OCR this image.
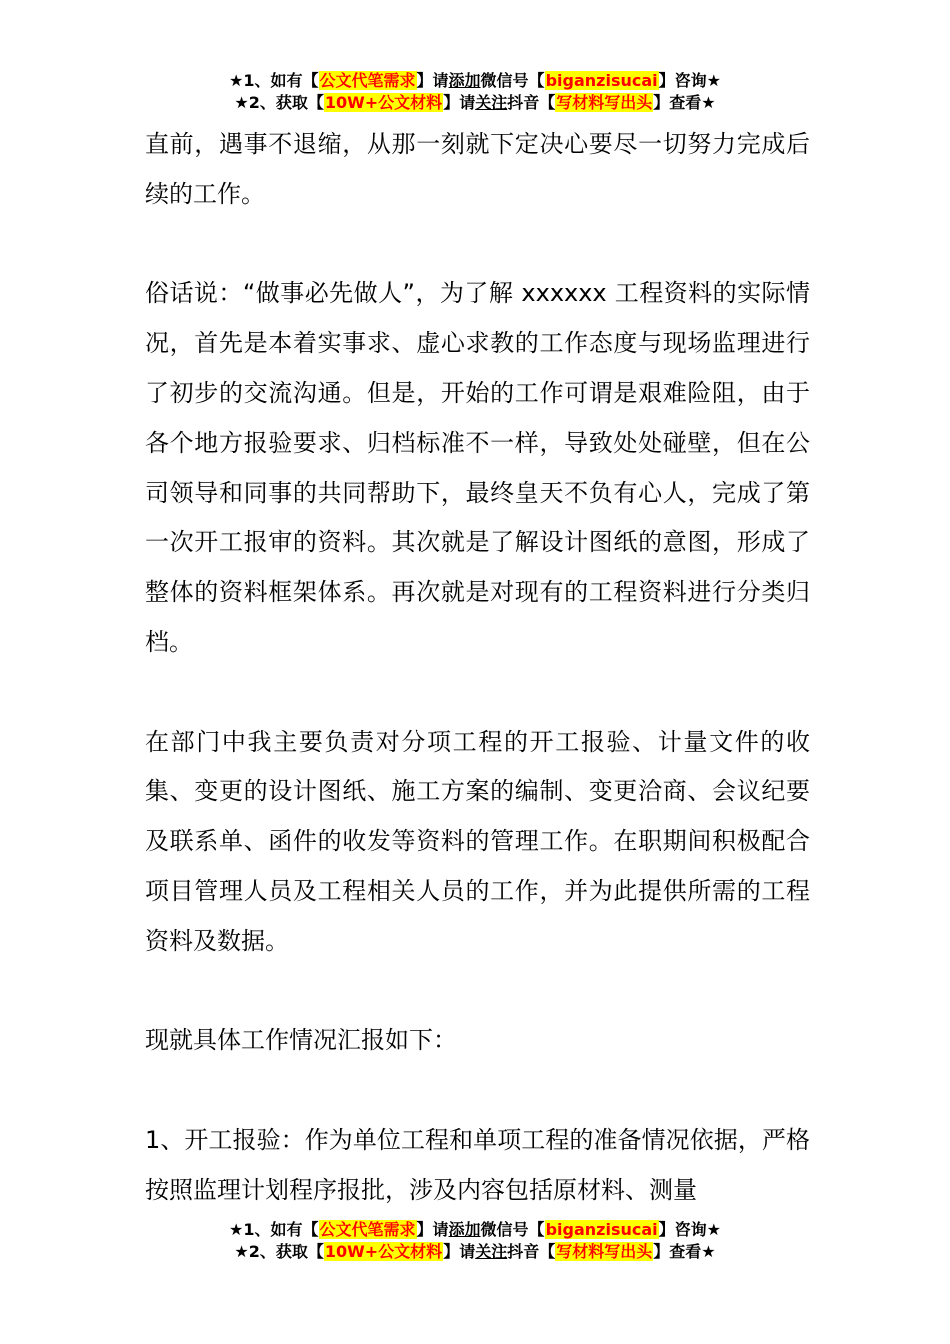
★1、如有【公文代笔需求】请添加微信号【biganzisucai】咨询★
★2、获取【10W+公文材料】请关注抖音【写材料写出头】查看★

直前，遇事不退缩，从那一刻就下定决心要尽一切努力完成后续的工作。

俗话说：“做事必先做人”，为了解 xxxxxx 工程资料的实际情况，首先是本着实事求、虚心求教的工作态度与现场监理进行了初步的交流沟通。但是，开始的工作可谓是艰难险阻，由于各个地方报验要求、归档标准不一样，导致处处碰壁，但在公司领导和同事的共同帮助下，最终皇天不负有心人，完成了第一次开工报审的资料。其次就是了解设计图纸的意图，形成了整体的资料框架体系。再次就是对现有的工程资料进行分类归档。

在部门中我主要负责对分项工程的开工报验、计量文件的收集、变更的设计图纸、施工方案的编制、变更洽商、会议纪要及联系单、函件的收发等资料的管理工作。在职期间积极配合项目管理人员及工程相关人员的工作，并为此提供所需的工程资料及数据。

现就具体工作情况汇报如下：

1、开工报验：作为单位工程和单项工程的准备情况依据，严格按照监理计划程序报批，涉及内容包括原材料、测量

★1、如有【公文代笔需求】请添加微信号【biganzisucai】咨询★
★2、获取【10W+公文材料】请关注抖音【写材料写出头】查看★
